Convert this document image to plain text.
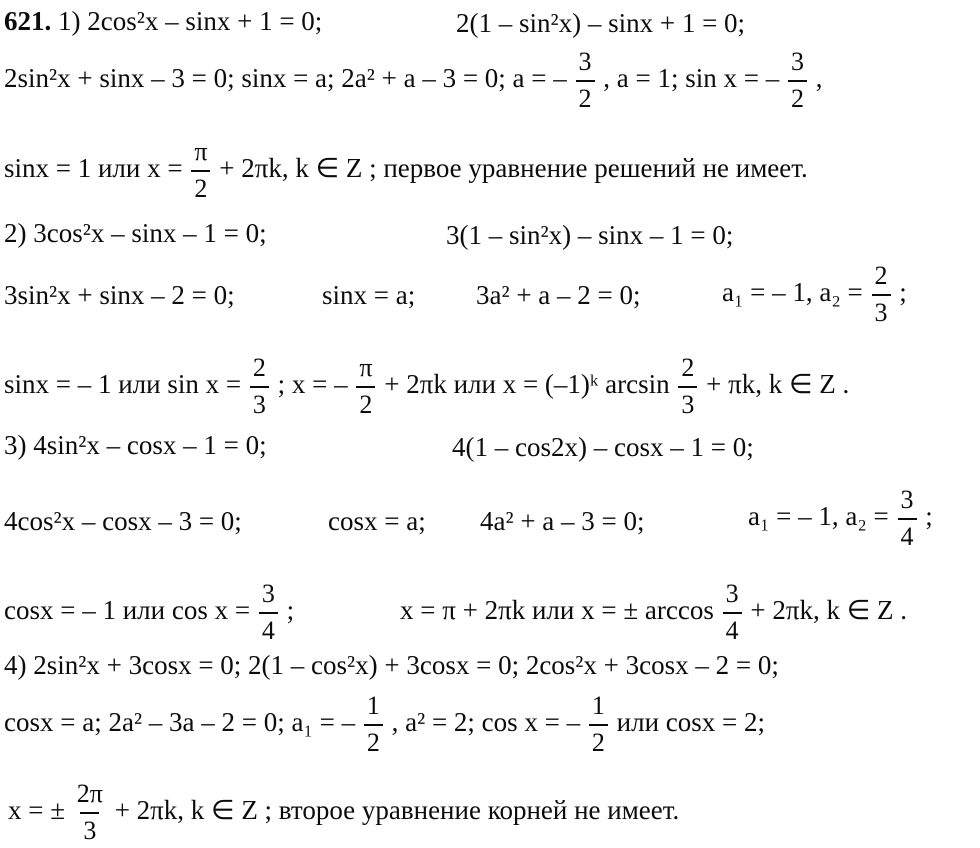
621. 1) 2cos²x – sinx + 1 = 0;	2(1 – sin²x) – sinx + 1 = 0;
2sin²x + sinx – 3 = 0; sinx = a; 2a² + a – 3 = 0; a = – $\frac{3}{2}$ , a = 1; sin x = – $\frac{3}{2}$ ,
sinx = 1 или $x = \frac{\pi}{2} + 2\pi k$, k ∈ Z ; первое уравнение решений не имеет.
2) 3cos²x – sinx – 1 = 0;	3(1 – sin²x) – sinx – 1 = 0;
3sin²x + sinx – 2 = 0;	sinx = a; 3a² + a – 2 = 0;	a₁ = – 1, $a_2 = \frac{2}{3}$ ;
sinx = – 1 или $\sin x = \frac{2}{3}$ ; x = – $\frac{\pi}{2} + 2\pi k$ или x = (–1)ᵏ $\arcsin \frac{2}{3} + \pi k$, k ∈ Z .
3) 4sin²x – cosx – 1 = 0;	4(1 – cos2x) – cosx – 1 = 0;
4cos²x – cosx – 3 = 0;	cosx = a; 4a² + a – 3 = 0;	a₁ = – 1, $a_2 = \frac{3}{4}$ ;
cosx = – 1 или $\cos x = \frac{3}{4}$ ;	x = π + 2πk или x = ± $\arccos \frac{3}{4} + 2\pi k$, k ∈ Z .
4) 2sin²x + 3cosx = 0; 2(1 – cos²x) + 3cosx = 0; 2cos²x + 3cosx – 2 = 0;
cosx = a; 2a² – 3a – 2 = 0; a₁ = – $\frac{1}{2}$ , a² = 2; cos x = – $\frac{1}{2}$ или cosx = 2;
x = ± $\frac{2\pi}{3} + 2\pi k$, k ∈ Z ; второе уравнение корней не имеет.
